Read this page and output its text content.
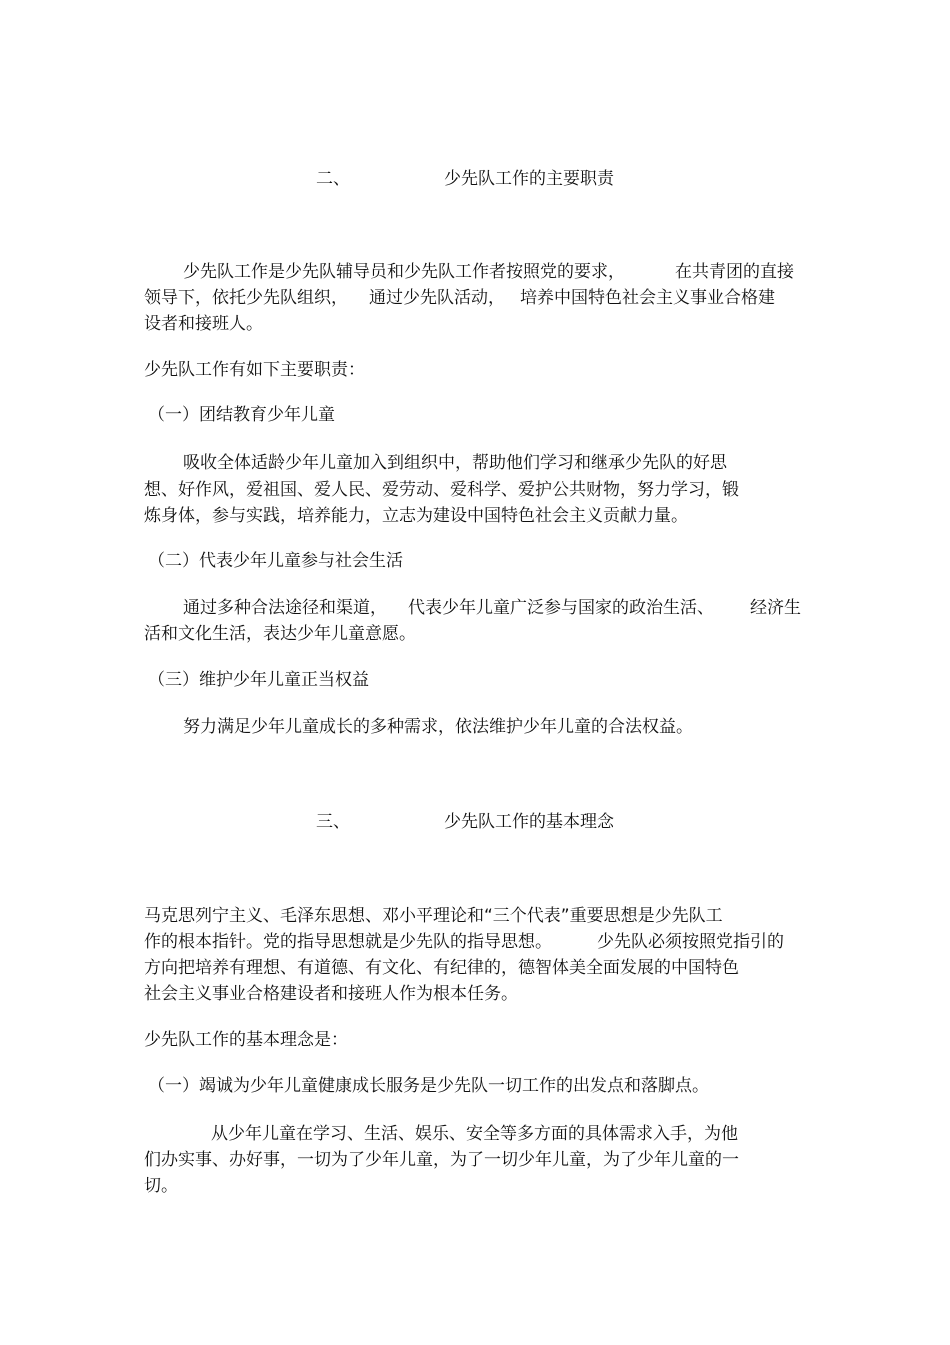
二、	少先队工作的主要职责
少先队工作是少先队辅导员和少先队工作者按照党的要求，	在共青团的直接
领导下，依托少先队组织， 通过少先队活动， 培养中国特色社会主义事业合格建
设者和接班人。
少先队工作有如下主要职责：
（一）团结教育少年儿童
吸收全体适龄少年儿童加入到组织中，帮助他们学习和继承少先队的好思
想、好作风，爱祖国、爱人民、爱劳动、爱科学、爱护公共财物，努力学习，锻
炼身体，参与实践，培养能力，立志为建设中国特色社会主义贡献力量。
（二）代表少年儿童参与社会生活
通过多种合法途径和渠道， 代表少年儿童广泛参与国家的政治生活、 经济生
活和文化生活，表达少年儿童意愿。
（三）维护少年儿童正当权益
努力满足少年儿童成长的多种需求，依法维护少年儿童的合法权益。
三、	少先队工作的基本理念
马克思列宁主义、毛泽东思想、邓小平理论和“三个代表”重要思想是少先队工
作的根本指针。党的指导思想就是少先队的指导思想。	少先队必须按照党指引的
方向把培养有理想、有道德、有文化、有纪律的，德智体美全面发展的中国特色
社会主义事业合格建设者和接班人作为根本任务。
少先队工作的基本理念是：
（一）竭诚为少年儿童健康成长服务是少先队一切工作的出发点和落脚点。
从少年儿童在学习、生活、娱乐、安全等多方面的具体需求入手，为他
们办实事、办好事，一切为了少年儿童，为了一切少年儿童，为了少年儿童的一
切。
